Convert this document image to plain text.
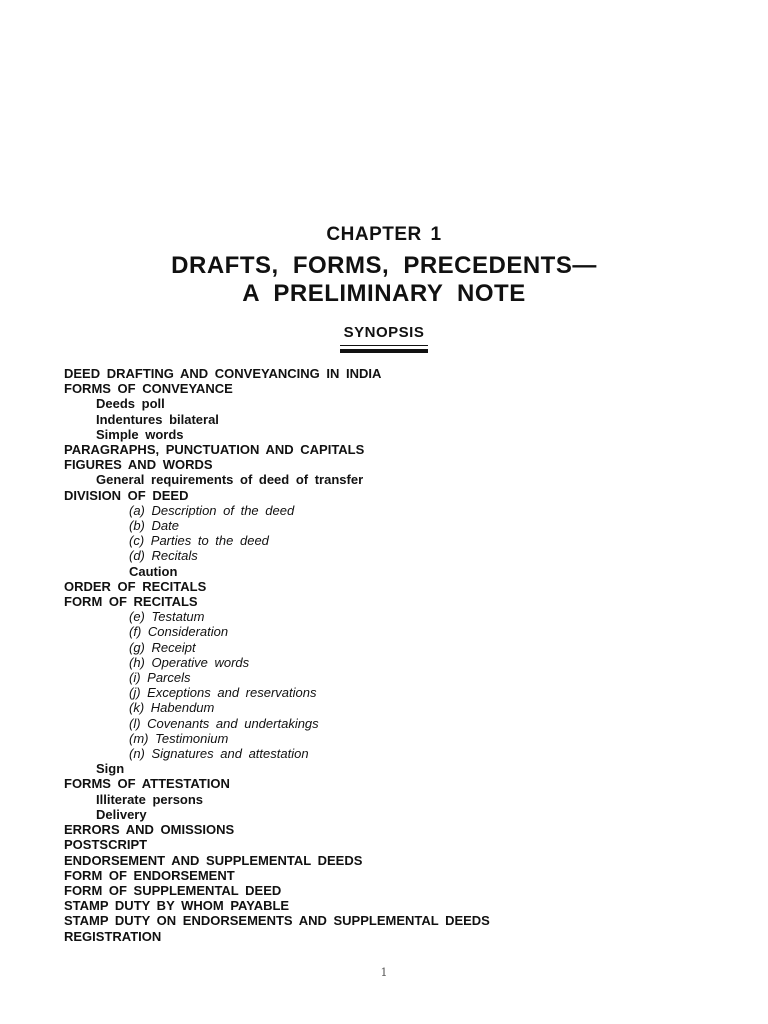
CHAPTER 1
DRAFTS, FORMS, PRECEDENTS—
A PRELIMINARY NOTE
SYNOPSIS
DEED DRAFTING AND CONVEYANCING IN INDIA
FORMS OF CONVEYANCE
Deeds poll
Indentures bilateral
Simple words
PARAGRAPHS, PUNCTUATION AND CAPITALS
FIGURES AND WORDS
General requirements of deed of transfer
DIVISION OF DEED
(a) Description of the deed
(b) Date
(c) Parties to the deed
(d) Recitals
Caution
ORDER OF RECITALS
FORM OF RECITALS
(e) Testatum
(f) Consideration
(g) Receipt
(h) Operative words
(i) Parcels
(j) Exceptions and reservations
(k) Habendum
(l) Covenants and undertakings
(m) Testimonium
(n) Signatures and attestation
Sign
FORMS OF ATTESTATION
Illiterate persons
Delivery
ERRORS AND OMISSIONS
POSTSCRIPT
ENDORSEMENT AND SUPPLEMENTAL DEEDS
FORM OF ENDORSEMENT
FORM OF SUPPLEMENTAL DEED
STAMP DUTY BY WHOM PAYABLE
STAMP DUTY ON ENDORSEMENTS AND SUPPLEMENTAL DEEDS
REGISTRATION
1
